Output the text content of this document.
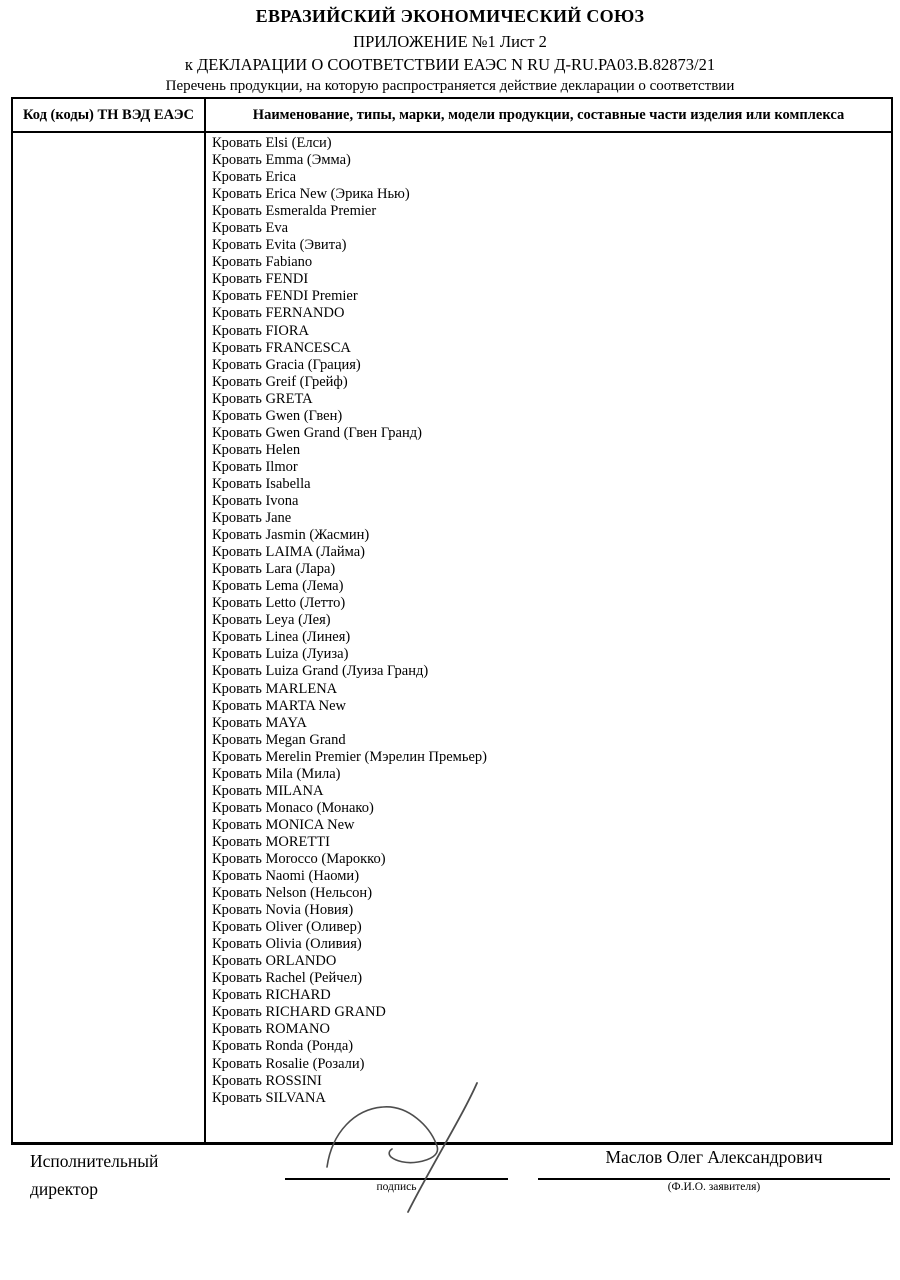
ЕВРАЗИЙСКИЙ ЭКОНОМИЧЕСКИЙ СОЮЗ
ПРИЛОЖЕНИЕ №1 Лист 2
к ДЕКЛАРАЦИИ О СООТВЕТСТВИИ ЕАЭС N RU Д-RU.РА03.В.82873/21
Перечень продукции, на которую распространяется действие декларации о соответствии
Код (коды) ТН ВЭД ЕАЭС	Наименование, типы, марки, модели продукции, составные части изделия или комплекса

Кровать Elsi (Елси)
Кровать Emma (Эмма)
Кровать Erica
Кровать Erica New (Эрика Нью)
Кровать Esmeralda Premier
Кровать Eva
Кровать Evita (Эвита)
Кровать Fabiano
Кровать FENDI
Кровать FENDI Premier
Кровать FERNANDO
Кровать FIORA
Кровать FRANCESCA
Кровать Gracia (Грация)
Кровать Greif (Грейф)
Кровать GRETA
Кровать Gwen (Гвен)
Кровать Gwen Grand (Гвен Гранд)
Кровать Helen
Кровать Ilmor
Кровать Isabella
Кровать Ivona
Кровать Jane
Кровать Jasmin (Жасмин)
Кровать LAIMA (Лайма)
Кровать Lara (Лара)
Кровать Lema (Лема)
Кровать Letto (Летто)
Кровать Leya (Лея)
Кровать Linea (Линея)
Кровать Luiza (Луиза)
Кровать Luiza Grand (Луиза Гранд)
Кровать MARLENA
Кровать MARTA New
Кровать MAYA
Кровать Megan Grand
Кровать Merelin Premier (Мэрелин Премьер)
Кровать Mila (Мила)
Кровать MILANA
Кровать Monaco (Монако)
Кровать MONICA New
Кровать MORETTI
Кровать Morocco (Марокко)
Кровать Naomi (Наоми)
Кровать Nelson (Нельсон)
Кровать Novia (Новия)
Кровать Oliver (Оливер)
Кровать Olivia (Оливия)
Кровать ORLANDO
Кровать Rachel (Рейчел)
Кровать RICHARD
Кровать RICHARD GRAND
Кровать ROMANO
Кровать Ronda (Ронда)
Кровать Rosalie (Розали)
Кровать ROSSINI
Кровать SILVANA
Исполнительный директор	подпись
Маслов Олег Александрович
(Ф.И.О. заявителя)
